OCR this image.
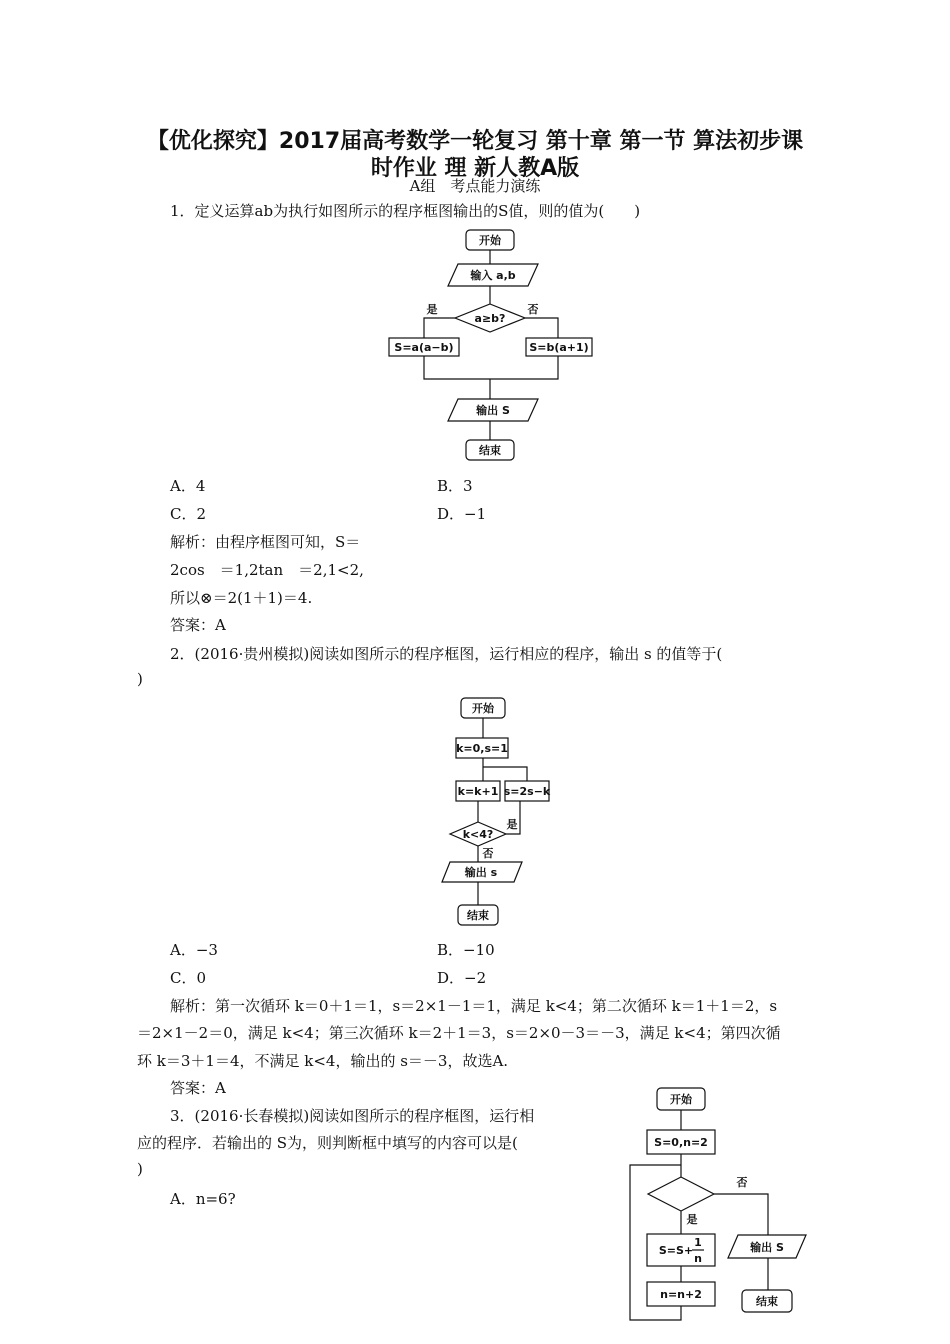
【优化探究】2017届高考数学一轮复习 第十章 第一节 算法初步课
时作业 理 新人教A版
A组　考点能力演练
1．定义运算ab为执行如图所示的程序框图输出的S值，则的值为(　　)
开始
输入 a,b
a≥b?
是	否
S=a(a−b)	S=b(a+1)
输出 S
结束
A．4	B．3
C．2	D．−1
解析：由程序框图可知，S＝
2cos　＝1,2tan　＝2,1<2,
所以⊗＝2(1＋1)＝4.
答案：A
2．(2016·贵州模拟)阅读如图所示的程序框图，运行相应的程序，输出 s 的值等于(
)
开始
k=0,s=1
k=k+1 s=2s−k
k<4?
是
否
输出 s
结束
A．−3	B．−10
C．0	D．−2
解析：第一次循环 k＝0＋1＝1，s＝2×1－1＝1，满足 k<4；第二次循环 k＝1＋1＝2，s
＝2×1－2＝0，满足 k<4；第三次循环 k＝2＋1＝3，s＝2×0－3＝－3，满足 k<4；第四次循
环 k＝3＋1＝4，不满足 k<4，输出的 s＝－3，故选A.
答案：A
3．(2016·长春模拟)阅读如图所示的程序框图，运行相
应的程序．若输出的 S为，则判断框中填写的内容可以是(
)
A．n=6?
开始
S=0,n=2
否
是
S=S+
1
n
n=n+2
输出 S
结束
